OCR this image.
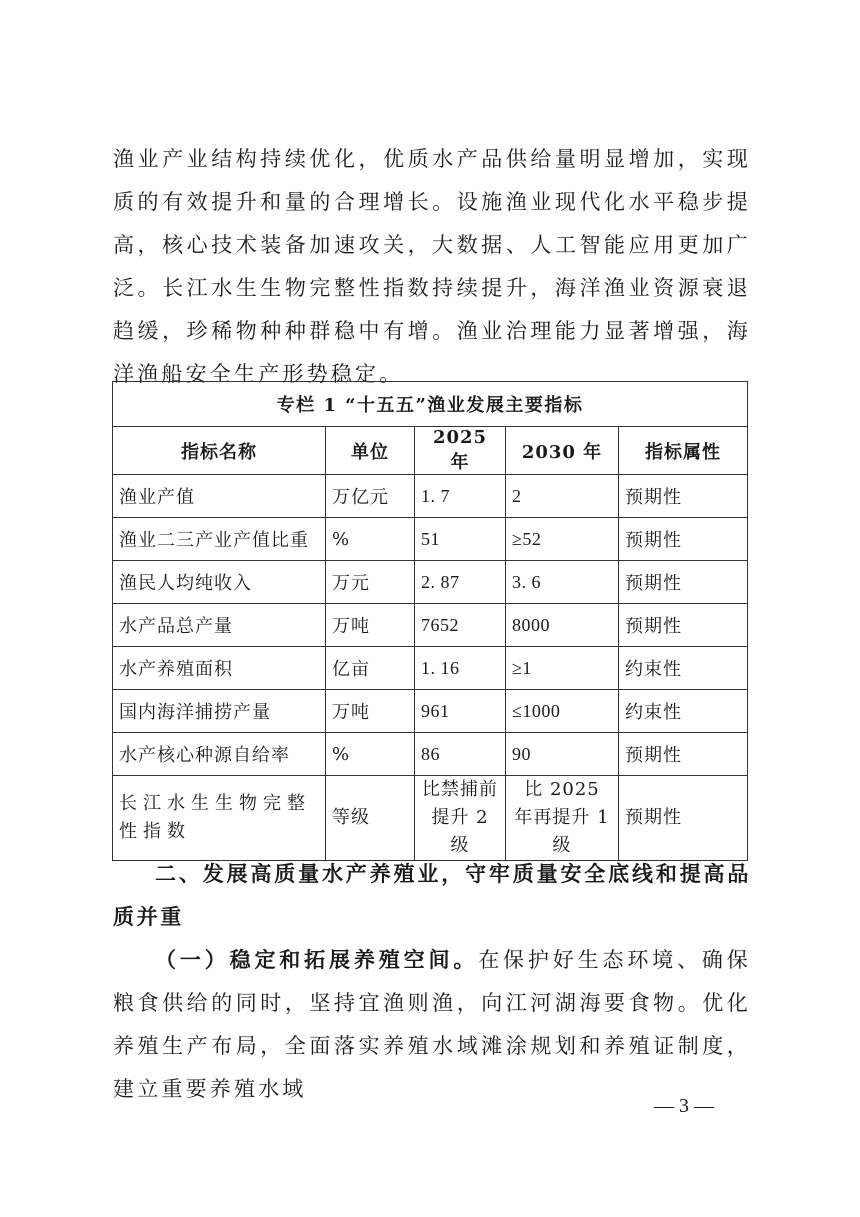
渔业产业结构持续优化，优质水产品供给量明显增加，实现质的有效提升和量的合理增长。设施渔业现代化水平稳步提高，核心技术装备加速攻关，大数据、人工智能应用更加广泛。长江水生生物完整性指数持续提升，海洋渔业资源衰退趋缓，珍稀物种种群稳中有增。渔业治理能力显著增强，海洋渔船安全生产形势稳定。

专栏 1 “十五五”渔业发展主要指标				
指标名称	单位	2025 年	2030 年	指标属性
渔业产值	万亿元	1. 7	2	预期性
渔业二三产业产值比重	%	51	≥52	预期性
渔民人均纯收入	万元	2. 87	3. 6	预期性
水产品总产量	万吨	7652	8000	预期性
水产养殖面积	亿亩	1. 16	≥1	约束性
国内海洋捕捞产量	万吨	961	≤1000	约束性
水产核心种源自给率	%	86	90	预期性
长江水生生物完整性指数	等级	比禁捕前提升 2 级	比 2025 年再提升 1 级	预期性

二、发展高质量水产养殖业，守牢质量安全底线和提高品质并重

（一）稳定和拓展养殖空间。在保护好生态环境、确保粮食供给的同时，坚持宜渔则渔，向江河湖海要食物。优化养殖生产布局，全面落实养殖水域滩涂规划和养殖证制度，建立重要养殖水域

— 3 —
